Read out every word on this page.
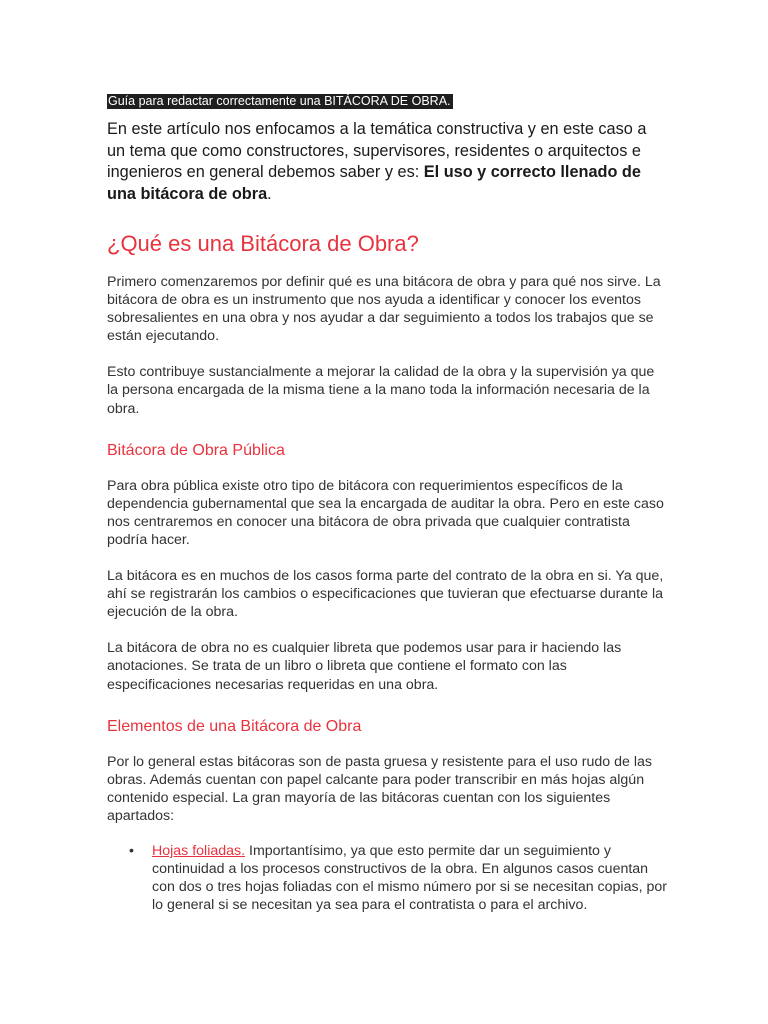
Guía para redactar correctamente una BITÁCORA DE OBRA.

En este artículo nos enfocamos a la temática constructiva y en este caso a un tema que como constructores, supervisores, residentes o arquitectos e ingenieros en general debemos saber y es: El uso y correcto llenado de una bitácora de obra.

¿Qué es una Bitácora de Obra?

Primero comenzaremos por definir qué es una bitácora de obra y para qué nos sirve. La bitácora de obra es un instrumento que nos ayuda a identificar y conocer los eventos sobresalientes en una obra y nos ayudar a dar seguimiento a todos los trabajos que se están ejecutando.

Esto contribuye sustancialmente a mejorar la calidad de la obra y la supervisión ya que la persona encargada de la misma tiene a la mano toda la información necesaria de la obra.

Bitácora de Obra Pública

Para obra pública existe otro tipo de bitácora con requerimientos específicos de la dependencia gubernamental que sea la encargada de auditar la obra. Pero en este caso nos centraremos en conocer una bitácora de obra privada que cualquier contratista podría hacer.

La bitácora es en muchos de los casos forma parte del contrato de la obra en si. Ya que, ahí se registrarán los cambios o especificaciones que tuvieran que efectuarse durante la ejecución de la obra.

La bitácora de obra no es cualquier libreta que podemos usar para ir haciendo las anotaciones. Se trata de un libro o libreta que contiene el formato con las especificaciones necesarias requeridas en una obra.

Elementos de una Bitácora de Obra

Por lo general estas bitácoras son de pasta gruesa y resistente para el uso rudo de las obras. Además cuentan con papel calcante para poder transcribir en más hojas algún contenido especial. La gran mayoría de las bitácoras cuentan con los siguientes apartados:

• Hojas foliadas. Importantísimo, ya que esto permite dar un seguimiento y continuidad a los procesos constructivos de la obra. En algunos casos cuentan con dos o tres hojas foliadas con el mismo número por si se necesitan copias, por lo general si se necesitan ya sea para el contratista o para el archivo.
